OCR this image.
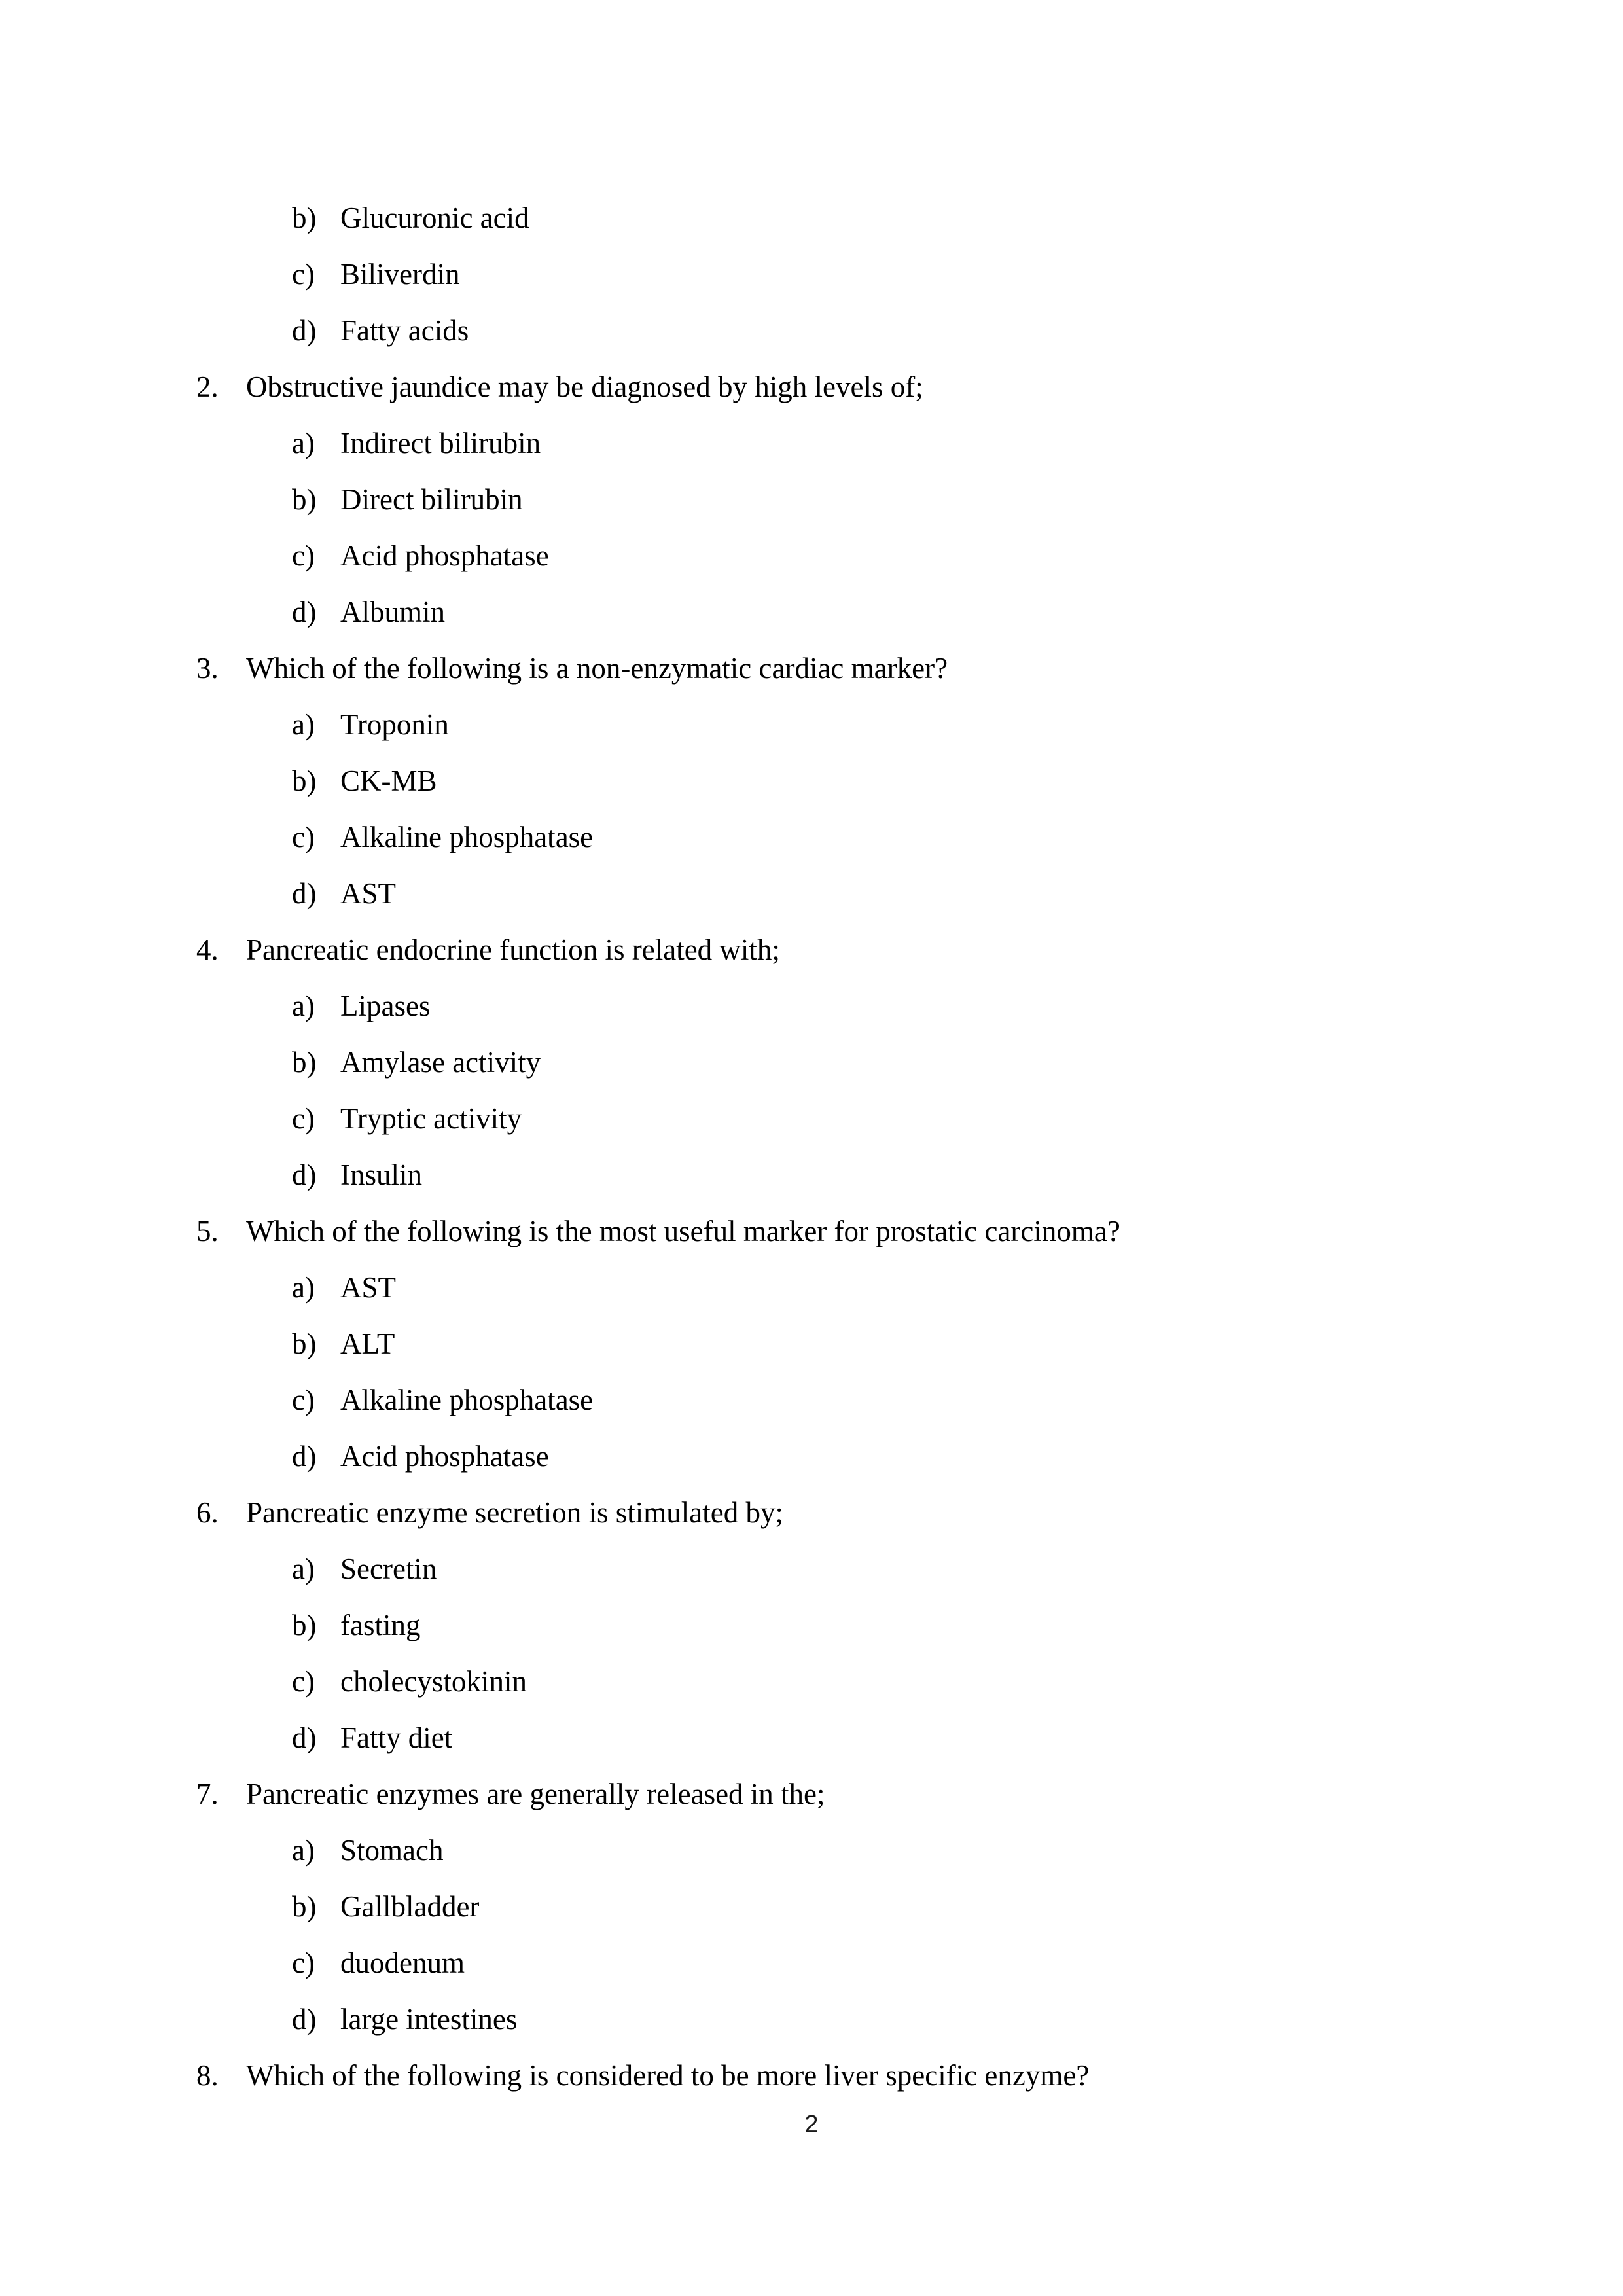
b) Glucuronic acid
c) Biliverdin
d) Fatty acids
2. Obstructive jaundice may be diagnosed by high levels of;
a) Indirect bilirubin
b) Direct bilirubin
c) Acid phosphatase
d) Albumin
3. Which of the following is a non-enzymatic cardiac marker?
a) Troponin
b) CK-MB
c) Alkaline phosphatase
d) AST
4. Pancreatic endocrine function is related with;
a) Lipases
b) Amylase activity
c) Tryptic activity
d) Insulin
5. Which of the following is the most useful marker for prostatic carcinoma?
a) AST
b) ALT
c) Alkaline phosphatase
d) Acid phosphatase
6. Pancreatic enzyme secretion is stimulated by;
a) Secretin
b) fasting
c) cholecystokinin
d) Fatty diet
7. Pancreatic enzymes are generally released in the;
a) Stomach
b) Gallbladder
c) duodenum
d) large intestines
8. Which of the following is considered to be more liver specific enzyme?
2
